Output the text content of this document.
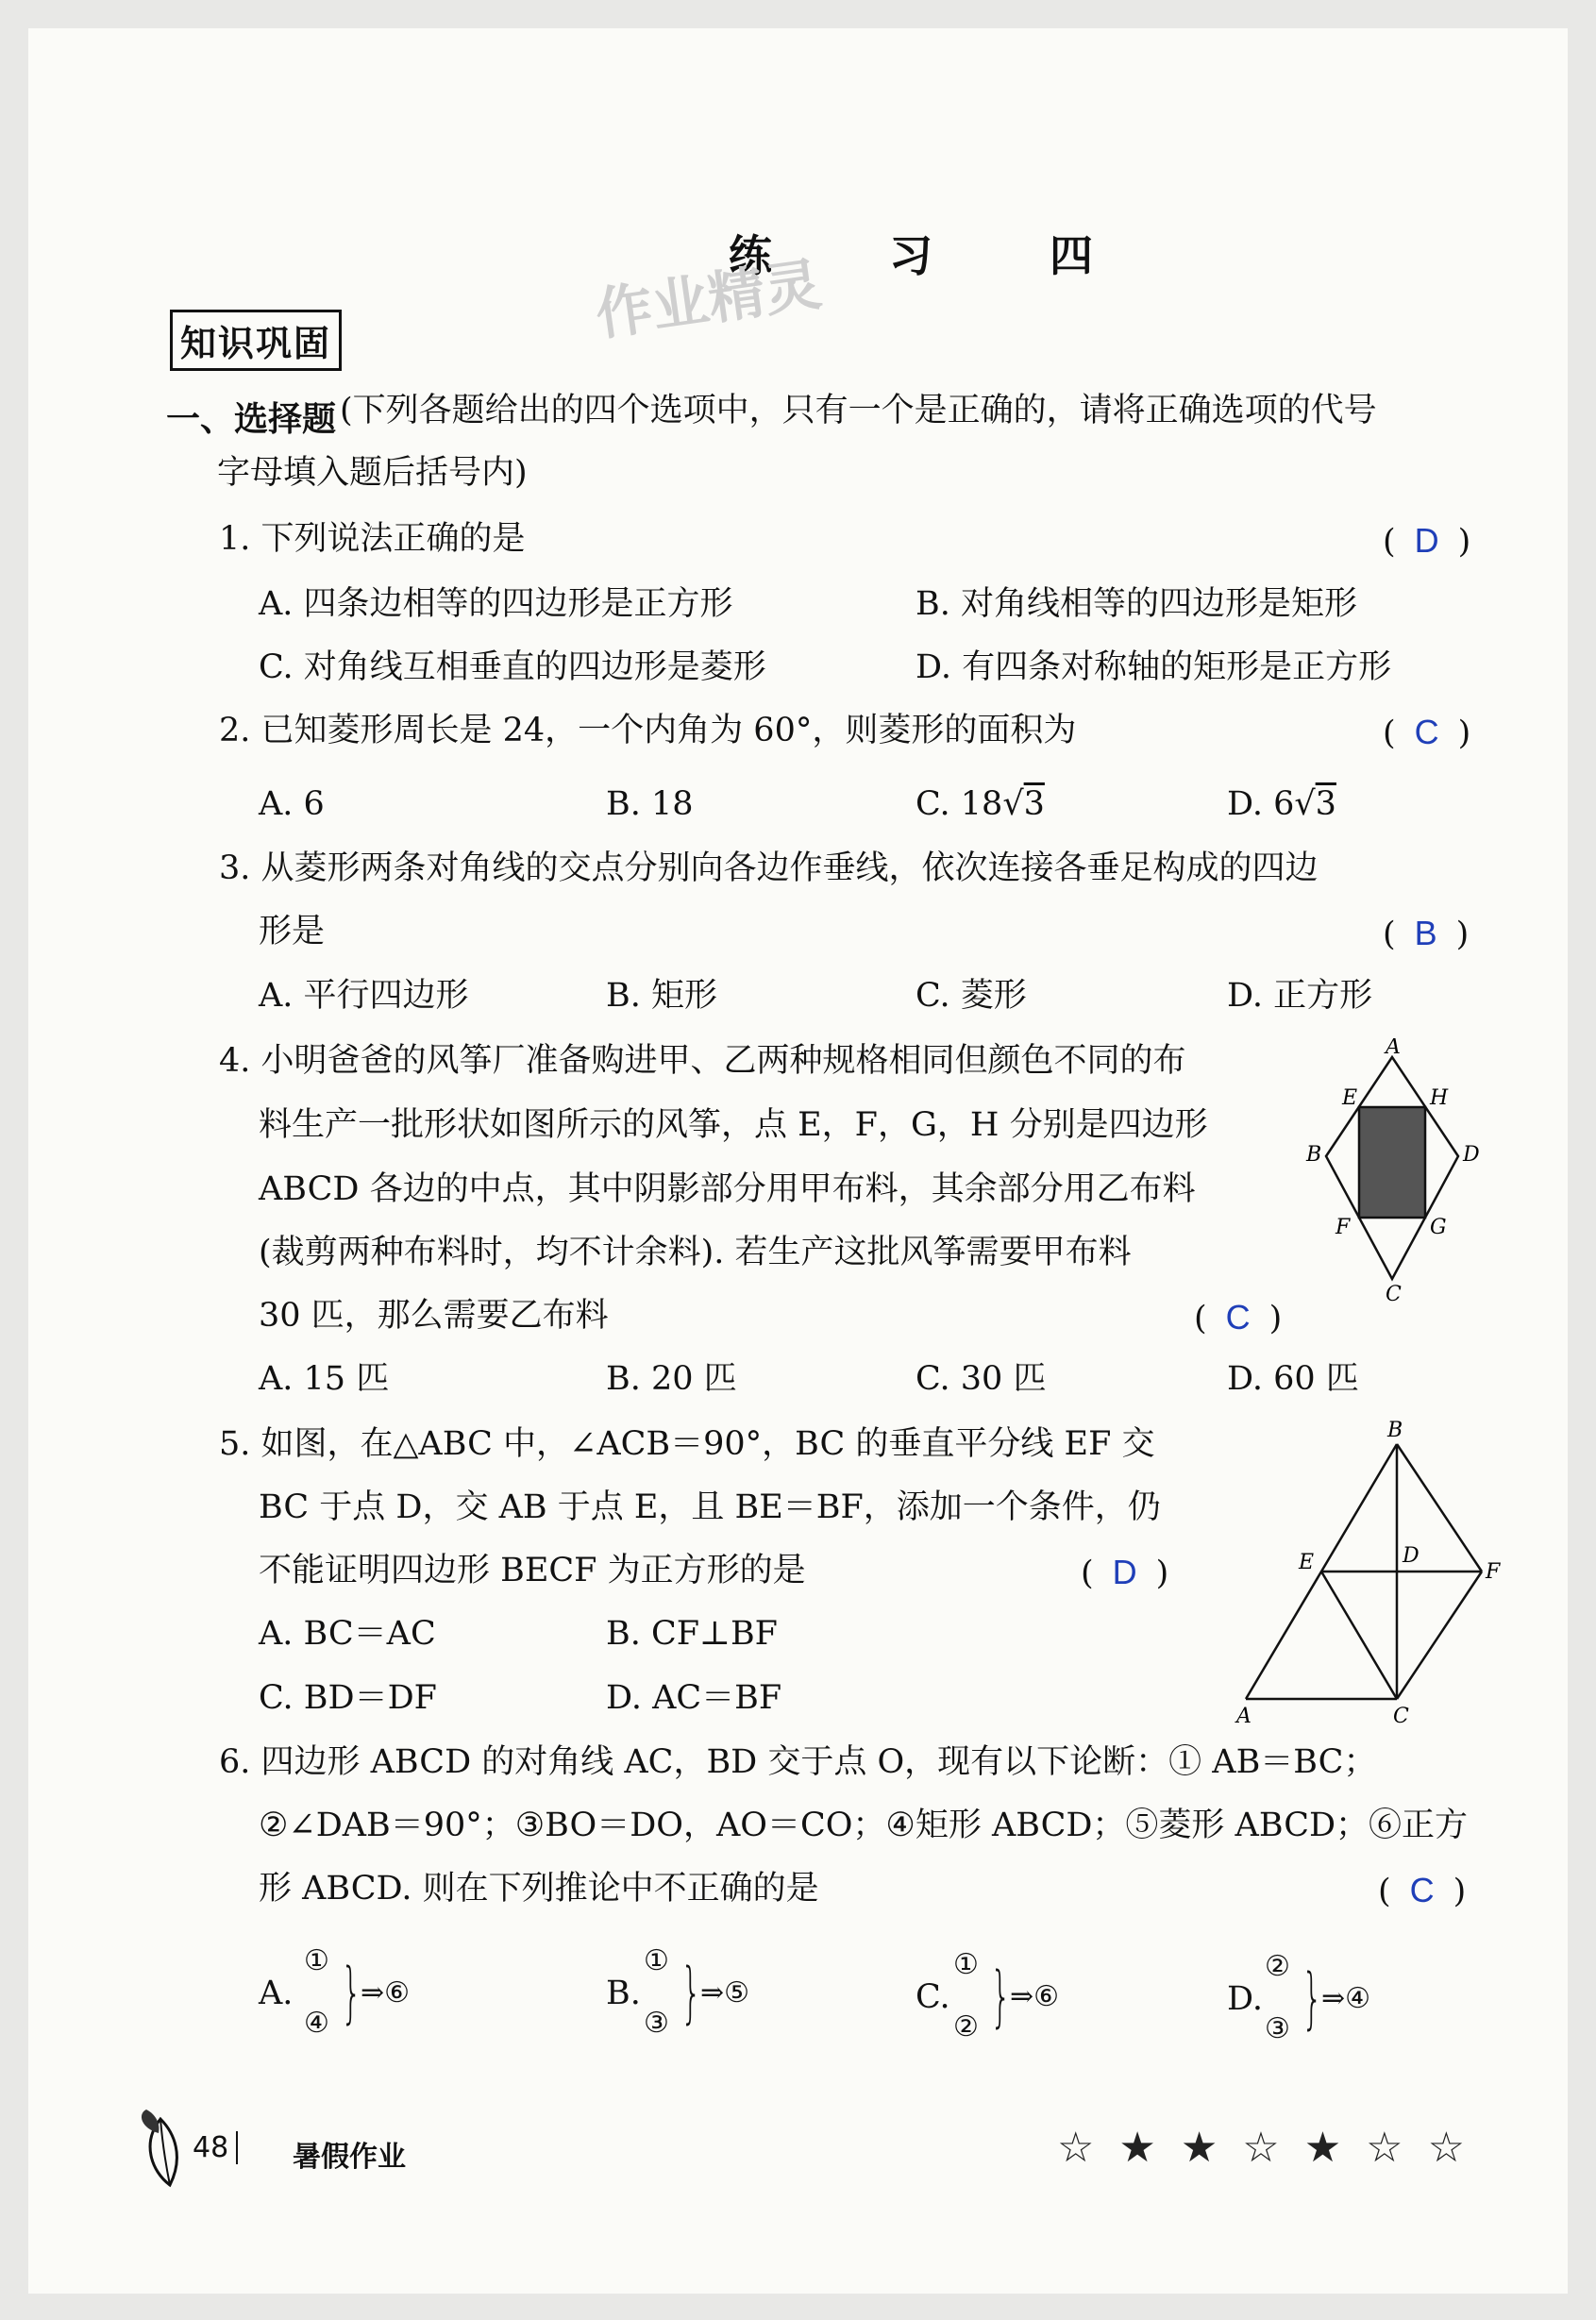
练 习 四
作业精灵
知识巩固
一、选择题 (下列各题给出的四个选项中，只有一个是正确的，请将正确选项的代号
字母填入题后括号内)
1. 下列说法正确的是	( D )
A. 四条边相等的四边形是正方形	B. 对角线相等的四边形是矩形
C. 对角线互相垂直的四边形是菱形	D. 有四条对称轴的矩形是正方形
2. 已知菱形周长是 24，一个内角为 60°，则菱形的面积为	( C )
A. 6	B. 18	C. 18√3	D. 6√3
3. 从菱形两条对角线的交点分别向各边作垂线，依次连接各垂足构成的四边
形是	( B )
A. 平行四边形	B. 矩形	C. 菱形	D. 正方形
4. 小明爸爸的风筝厂准备购进甲、乙两种规格相同但颜色不同的布
料生产一批形状如图所示的风筝，点 E，F，G，H 分别是四边形
ABCD 各边的中点，其中阴影部分用甲布料，其余部分用乙布料
(裁剪两种布料时，均不计余料). 若生产这批风筝需要甲布料
30 匹，那么需要乙布料	( C )
A. 15 匹	B. 20 匹	C. 30 匹	D. 60 匹
A
E	H
B	D
F	G
C
5. 如图，在△ABC 中，∠ACB＝90°，BC 的垂直平分线 EF 交
BC 于点 D，交 AB 于点 E，且 BE＝BF，添加一个条件，仍
不能证明四边形 BECF 为正方形的是	( D )
A. BC＝AC	B. CF⊥BF
C. BD＝DF	D. AC＝BF
B
E	D
F
A	C
6. 四边形 ABCD 的对角线 AC，BD 交于点 O，现有以下论断：① AB＝BC；
②∠DAB＝90°；③BO＝DO，AO＝CO；④矩形 ABCD；⑤菱形 ABCD；⑥正方
形 ABCD. 则在下列推论中不正确的是	( C )
A.
①
④ }
⇒⑥	B.
①
③ }
⇒⑤	C.
①
② }
⇒⑥	D.
②
③ }
⇒④
48	暑假作业	☆ ★ ★ ☆ ★ ☆ ☆
